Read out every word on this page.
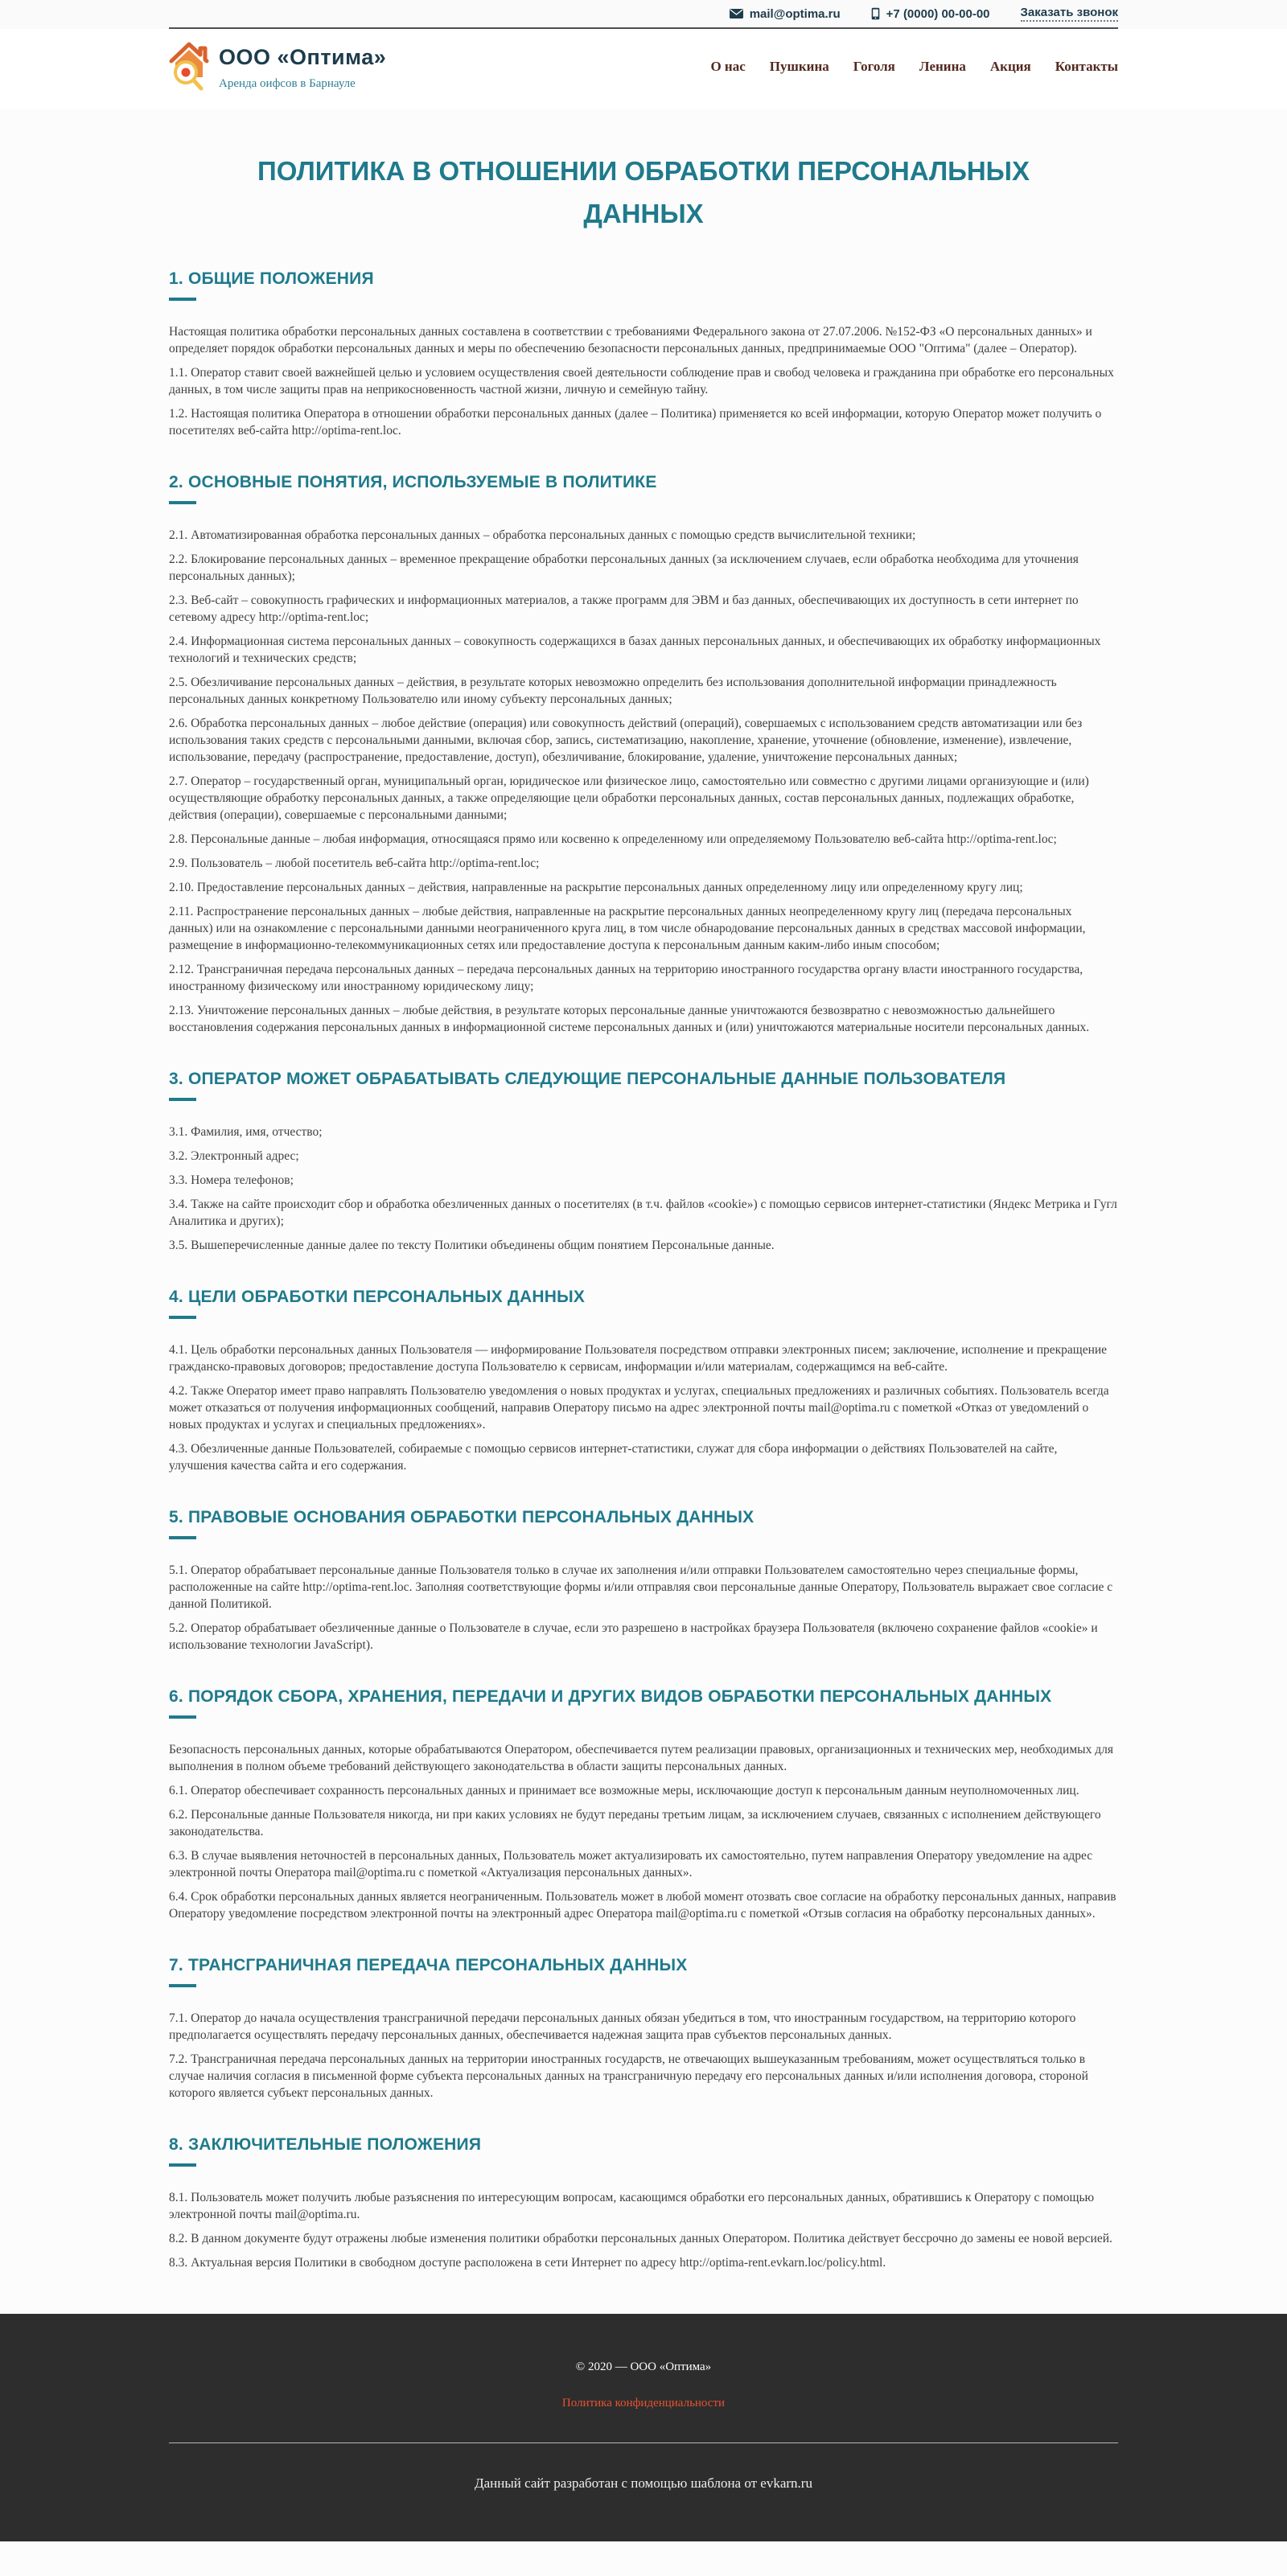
mail@optima.ru	+7 (0000) 00-00-00	Заказать звонок
ООО «Оптима»
Аренда оифсов в Барнауле
О нас Пушкина Гоголя Ленина Акция Контакты
ПОЛИТИКА В ОТНОШЕНИИ ОБРАБОТКИ ПЕРСОНАЛЬНЫХ ДАННЫХ
1. ОБЩИЕ ПОЛОЖЕНИЯ

Настоящая политика обработки персональных данных составлена в соответствии с требованиями Федерального закона от 27.07.2006. №152-ФЗ «О персональных данных» и определяет порядок обработки персональных данных и меры по обеспечению безопасности персональных данных, предпринимаемые ООО "Оптима" (далее – Оператор).

1.1. Оператор ставит своей важнейшей целью и условием осуществления своей деятельности соблюдение прав и свобод человека и гражданина при обработке его персональных данных, в том числе защиты прав на неприкосновенность частной жизни, личную и семейную тайну.

1.2. Настоящая политика Оператора в отношении обработки персональных данных (далее – Политика) применяется ко всей информации, которую Оператор может получить о посетителях веб-сайта http://optima-rent.loc.

2. ОСНОВНЫЕ ПОНЯТИЯ, ИСПОЛЬЗУЕМЫЕ В ПОЛИТИКЕ

2.1. Автоматизированная обработка персональных данных – обработка персональных данных с помощью средств вычислительной техники;

2.2. Блокирование персональных данных – временное прекращение обработки персональных данных (за исключением случаев, если обработка необходима для уточнения персональных данных);

2.3. Веб-сайт – совокупность графических и информационных материалов, а также программ для ЭВМ и баз данных, обеспечивающих их доступность в сети интернет по сетевому адресу http://optima-rent.loc;

2.4. Информационная система персональных данных – совокупность содержащихся в базах данных персональных данных, и обеспечивающих их обработку информационных технологий и технических средств;

2.5. Обезличивание персональных данных – действия, в результате которых невозможно определить без использования дополнительной информации принадлежность персональных данных конкретному Пользователю или иному субъекту персональных данных;

2.6. Обработка персональных данных – любое действие (операция) или совокупность действий (операций), совершаемых с использованием средств автоматизации или без использования таких средств с персональными данными, включая сбор, запись, систематизацию, накопление, хранение, уточнение (обновление, изменение), извлечение, использование, передачу (распространение, предоставление, доступ), обезличивание, блокирование, удаление, уничтожение персональных данных;

2.7. Оператор – государственный орган, муниципальный орган, юридическое или физическое лицо, самостоятельно или совместно с другими лицами организующие и (или) осуществляющие обработку персональных данных, а также определяющие цели обработки персональных данных, состав персональных данных, подлежащих обработке, действия (операции), совершаемые с персональными данными;

2.8. Персональные данные – любая информация, относящаяся прямо или косвенно к определенному или определяемому Пользователю веб-сайта http://optima-rent.loc;

2.9. Пользователь – любой посетитель веб-сайта http://optima-rent.loc;

2.10. Предоставление персональных данных – действия, направленные на раскрытие персональных данных определенному лицу или определенному кругу лиц;

2.11. Распространение персональных данных – любые действия, направленные на раскрытие персональных данных неопределенному кругу лиц (передача персональных данных) или на ознакомление с персональными данными неограниченного круга лиц, в том числе обнародование персональных данных в средствах массовой информации, размещение в информационно-телекоммуникационных сетях или предоставление доступа к персональным данным каким-либо иным способом;

2.12. Трансграничная передача персональных данных – передача персональных данных на территорию иностранного государства органу власти иностранного государства, иностранному физическому или иностранному юридическому лицу;

2.13. Уничтожение персональных данных – любые действия, в результате которых персональные данные уничтожаются безвозвратно с невозможностью дальнейшего восстановления содержания персональных данных в информационной системе персональных данных и (или) уничтожаются материальные носители персональных данных.

3. ОПЕРАТОР МОЖЕТ ОБРАБАТЫВАТЬ СЛЕДУЮЩИЕ ПЕРСОНАЛЬНЫЕ ДАННЫЕ ПОЛЬЗОВАТЕЛЯ

3.1. Фамилия, имя, отчество;

3.2. Электронный адрес;

3.3. Номера телефонов;

3.4. Также на сайте происходит сбор и обработка обезличенных данных о посетителях (в т.ч. файлов «cookie») с помощью сервисов интернет-статистики (Яндекс Метрика и Гугл Аналитика и других);

3.5. Вышеперечисленные данные далее по тексту Политики объединены общим понятием Персональные данные.

4. ЦЕЛИ ОБРАБОТКИ ПЕРСОНАЛЬНЫХ ДАННЫХ

4.1. Цель обработки персональных данных Пользователя — информирование Пользователя посредством отправки электронных писем; заключение, исполнение и прекращение гражданско-правовых договоров; предоставление доступа Пользователю к сервисам, информации и/или материалам, содержащимся на веб-сайте.

4.2. Также Оператор имеет право направлять Пользователю уведомления о новых продуктах и услугах, специальных предложениях и различных событиях. Пользователь всегда может отказаться от получения информационных сообщений, направив Оператору письмо на адрес электронной почты mail@optima.ru с пометкой «Отказ от уведомлений о новых продуктах и услугах и специальных предложениях».

4.3. Обезличенные данные Пользователей, собираемые с помощью сервисов интернет-статистики, служат для сбора информации о действиях Пользователей на сайте, улучшения качества сайта и его содержания.

5. ПРАВОВЫЕ ОСНОВАНИЯ ОБРАБОТКИ ПЕРСОНАЛЬНЫХ ДАННЫХ

5.1. Оператор обрабатывает персональные данные Пользователя только в случае их заполнения и/или отправки Пользователем самостоятельно через специальные формы, расположенные на сайте http://optima-rent.loc. Заполняя соответствующие формы и/или отправляя свои персональные данные Оператору, Пользователь выражает свое согласие с данной Политикой.

5.2. Оператор обрабатывает обезличенные данные о Пользователе в случае, если это разрешено в настройках браузера Пользователя (включено сохранение файлов «cookie» и использование технологии JavaScript).

6. ПОРЯДОК СБОРА, ХРАНЕНИЯ, ПЕРЕДАЧИ И ДРУГИХ ВИДОВ ОБРАБОТКИ ПЕРСОНАЛЬНЫХ ДАННЫХ

Безопасность персональных данных, которые обрабатываются Оператором, обеспечивается путем реализации правовых, организационных и технических мер, необходимых для выполнения в полном объеме требований действующего законодательства в области защиты персональных данных.

6.1. Оператор обеспечивает сохранность персональных данных и принимает все возможные меры, исключающие доступ к персональным данным неуполномоченных лиц.

6.2. Персональные данные Пользователя никогда, ни при каких условиях не будут переданы третьим лицам, за исключением случаев, связанных с исполнением действующего законодательства.

6.3. В случае выявления неточностей в персональных данных, Пользователь может актуализировать их самостоятельно, путем направления Оператору уведомление на адрес электронной почты Оператора mail@optima.ru с пометкой «Актуализация персональных данных».

6.4. Срок обработки персональных данных является неограниченным. Пользователь может в любой момент отозвать свое согласие на обработку персональных данных, направив Оператору уведомление посредством электронной почты на электронный адрес Оператора mail@optima.ru с пометкой «Отзыв согласия на обработку персональных данных».

7. ТРАНСГРАНИЧНАЯ ПЕРЕДАЧА ПЕРСОНАЛЬНЫХ ДАННЫХ

7.1. Оператор до начала осуществления трансграничной передачи персональных данных обязан убедиться в том, что иностранным государством, на территорию которого предполагается осуществлять передачу персональных данных, обеспечивается надежная защита прав субъектов персональных данных.

7.2. Трансграничная передача персональных данных на территории иностранных государств, не отвечающих вышеуказанным требованиям, может осуществляться только в случае наличия согласия в письменной форме субъекта персональных данных на трансграничную передачу его персональных данных и/или исполнения договора, стороной которого является субъект персональных данных.

8. ЗАКЛЮЧИТЕЛЬНЫЕ ПОЛОЖЕНИЯ

8.1. Пользователь может получить любые разъяснения по интересующим вопросам, касающимся обработки его персональных данных, обратившись к Оператору с помощью электронной почты mail@optima.ru.

8.2. В данном документе будут отражены любые изменения политики обработки персональных данных Оператором. Политика действует бессрочно до замены ее новой версией.

8.3. Актуальная версия Политики в свободном доступе расположена в сети Интернет по адресу http://optima-rent.evkarn.loc/policy.html.

© 2020 — ООО «Оптима»
Политика конфиденциальности
Данный сайт разработан с помощью шаблона от evkarn.ru
